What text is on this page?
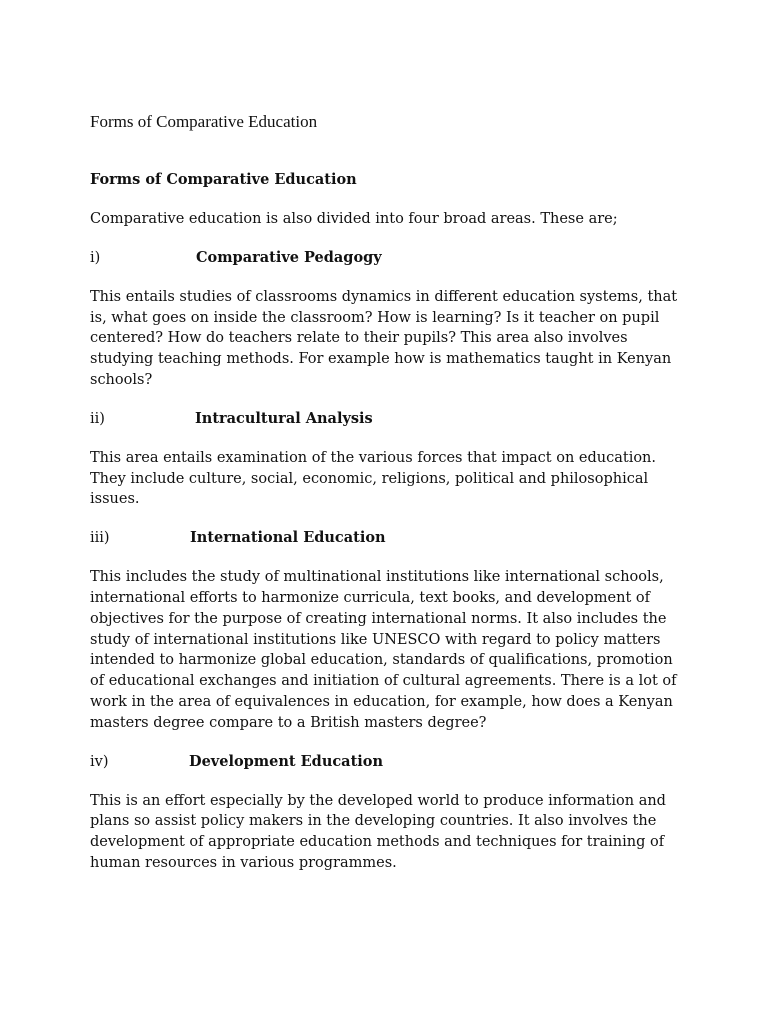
Forms of Comparative Education
Forms of Comparative Education
Comparative education is also divided into four broad areas. These are;
i)	Comparative Pedagogy
This entails studies of classrooms dynamics in different education systems, that is, what goes on inside the classroom? How is learning? Is it teacher on pupil centered? How do teachers relate to their pupils? This area also involves studying teaching methods. For example how is mathematics taught in Kenyan schools?
ii)	Intracultural Analysis
This area entails examination of the various forces that impact on education. They include culture, social, economic, religions, political and philosophical issues.
iii)	International Education
This includes the study of multinational institutions like international schools, international efforts to harmonize curricula, text books, and development of objectives for the purpose of creating international norms. It also includes the study of international institutions like UNESCO with regard to policy matters intended to harmonize global education, standards of qualifications, promotion of educational exchanges and initiation of cultural agreements. There is a lot of work in the area of equivalences in education, for example, how does a Kenyan masters degree compare to a British masters degree?
iv)	Development Education
This is an effort especially by the developed world to produce information and plans so assist policy makers in the developing countries. It also involves the development of appropriate education methods and techniques for training of human resources in various programmes.
